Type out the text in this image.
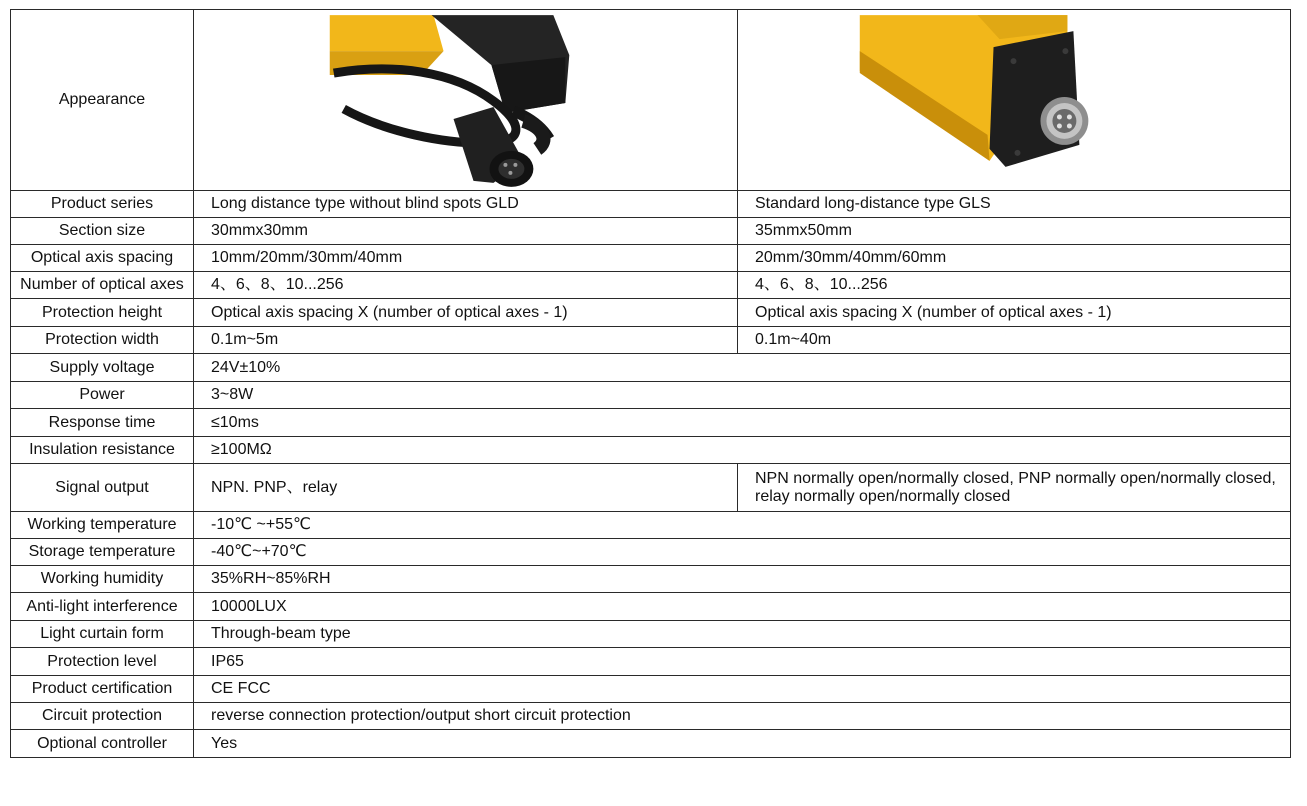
Appearance	

Product series	Long distance type without blind spots GLD	Standard long-distance type GLS
Section size	30mmx30mm	35mmx50mm
Optical axis spacing	10mm/20mm/30mm/40mm	20mm/30mm/40mm/60mm
Number of optical axes	4、6、8、10...256	4、6、8、10...256
Protection height	Optical axis spacing X (number of optical axes - 1)	Optical axis spacing X (number of optical axes - 1)
Protection width	0.1m~5m	0.1m~40m
Supply voltage	24V±10%	
Power	3~8W	
Response time	≤10ms	
Insulation resistance	≥100MΩ	
Signal output	NPN. PNP、relay	NPN normally open/normally closed, PNP normally open/normally closed, relay normally open/normally closed
Working temperature	-10℃ ~+55℃	
Storage temperature	-40℃~+70℃	
Working humidity	35%RH~85%RH	
Anti-light interference	10000LUX	
Light curtain form	Through-beam type	
Protection level	IP65	
Product certification	CE FCC	
Circuit protection	reverse connection protection/output short circuit protection	
Optional controller	Yes	
